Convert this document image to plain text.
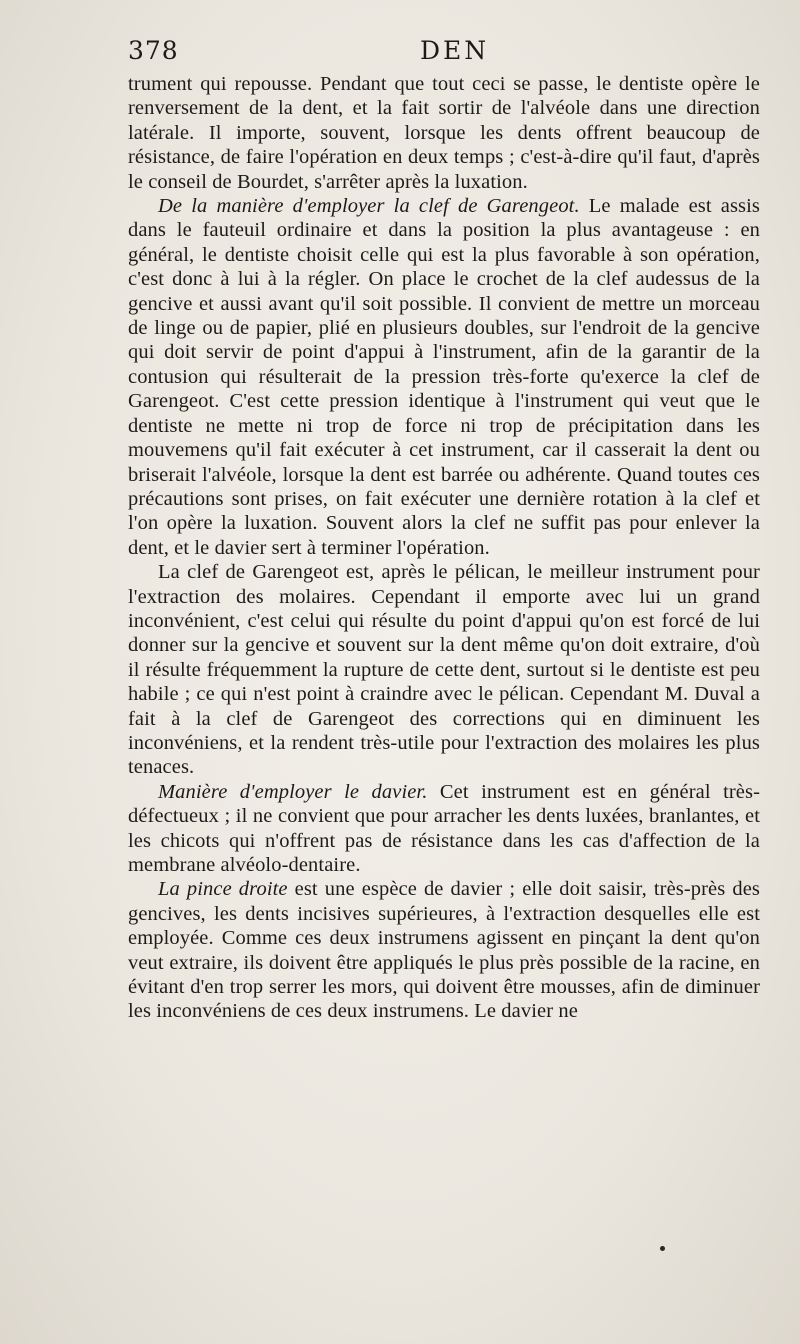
378	DEN

trument qui repousse. Pendant que tout ceci se passe, le dentiste opère le renversement de la dent, et la fait sortir de l'alvéole dans une direction latérale. Il importe, souvent, lorsque les dents offrent beaucoup de résistance, de faire l'opération en deux temps ; c'est-à-dire qu'il faut, d'après le conseil de Bourdet, s'arrêter après la luxation.

De la manière d'employer la clef de Garengeot. Le malade est assis dans le fauteuil ordinaire et dans la position la plus avantageuse : en général, le dentiste choisit celle qui est la plus favorable à son opération, c'est donc à lui à la régler. On place le crochet de la clef audessus de la gencive et aussi avant qu'il soit possible. Il convient de mettre un morceau de linge ou de papier, plié en plusieurs doubles, sur l'endroit de la gencive qui doit servir de point d'appui à l'instrument, afin de la garantir de la contusion qui résulterait de la pression très-forte qu'exerce la clef de Garengeot. C'est cette pression identique à l'instrument qui veut que le dentiste ne mette ni trop de force ni trop de précipitation dans les mouvemens qu'il fait exécuter à cet instrument, car il casserait la dent ou briserait l'alvéole, lorsque la dent est barrée ou adhérente. Quand toutes ces précautions sont prises, on fait exécuter une dernière rotation à la clef et l'on opère la luxation. Souvent alors la clef ne suffit pas pour enlever la dent, et le davier sert à terminer l'opération.

La clef de Garengeot est, après le pélican, le meilleur instrument pour l'extraction des molaires. Cependant il emporte avec lui un grand inconvénient, c'est celui qui résulte du point d'appui qu'on est forcé de lui donner sur la gencive et souvent sur la dent même qu'on doit extraire, d'où il résulte fréquemment la rupture de cette dent, surtout si le dentiste est peu habile ; ce qui n'est point à craindre avec le pélican. Cependant M. Duval a fait à la clef de Garengeot des corrections qui en diminuent les inconvéniens, et la rendent très-utile pour l'extraction des molaires les plus tenaces.

Manière d'employer le davier. Cet instrument est en général très-défectueux ; il ne convient que pour arracher les dents luxées, branlantes, et les chicots qui n'offrent pas de résistance dans les cas d'affection de la membrane alvéolo-dentaire.

La pince droite est une espèce de davier ; elle doit saisir, très-près des gencives, les dents incisives supérieures, à l'extraction desquelles elle est employée. Comme ces deux instrumens agissent en pinçant la dent qu'on veut extraire, ils doivent être appliqués le plus près possible de la racine, en évitant d'en trop serrer les mors, qui doivent être mousses, afin de diminuer les inconvéniens de ces deux instrumens. Le davier ne
